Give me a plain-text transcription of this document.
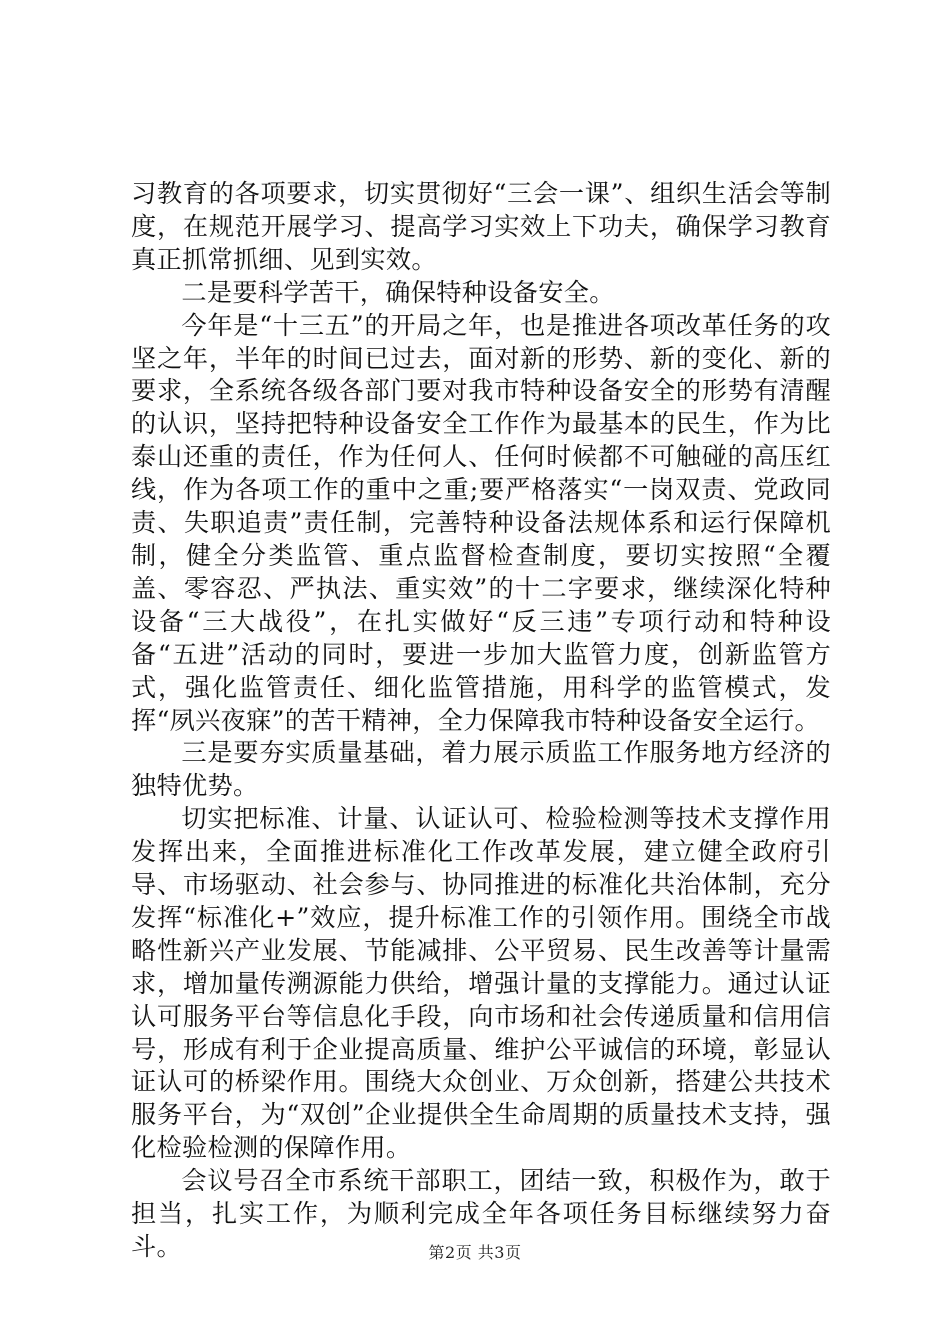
习教育的各项要求，切实贯彻好“三会一课”、组织生活会等制度，在规范开展学习、提高学习实效上下功夫，确保学习教育真正抓常抓细、见到实效。

二是要科学苦干，确保特种设备安全。

今年是“十三五”的开局之年，也是推进各项改革任务的攻坚之年，半年的时间已过去，面对新的形势、新的变化、新的要求，全系统各级各部门要对我市特种设备安全的形势有清醒的认识，坚持把特种设备安全工作作为最基本的民生，作为比泰山还重的责任，作为任何人、任何时候都不可触碰的高压红线，作为各项工作的重中之重;要严格落实“一岗双责、党政同责、失职追责”责任制，完善特种设备法规体系和运行保障机制，健全分类监管、重点监督检查制度，要切实按照“全覆盖、零容忍、严执法、重实效”的十二字要求，继续深化特种设备“三大战役”，在扎实做好“反三违”专项行动和特种设备“五进”活动的同时，要进一步加大监管力度，创新监管方式，强化监管责任、细化监管措施，用科学的监管模式，发挥“夙兴夜寐”的苦干精神，全力保障我市特种设备安全运行。

三是要夯实质量基础，着力展示质监工作服务地方经济的独特优势。

切实把标准、计量、认证认可、检验检测等技术支撑作用发挥出来，全面推进标准化工作改革发展，建立健全政府引导、市场驱动、社会参与、协同推进的标准化共治体制，充分发挥“标准化+”效应，提升标准工作的引领作用。围绕全市战略性新兴产业发展、节能减排、公平贸易、民生改善等计量需求，增加量传溯源能力供给，增强计量的支撑能力。通过认证认可服务平台等信息化手段，向市场和社会传递质量和信用信号，形成有利于企业提高质量、维护公平诚信的环境，彰显认证认可的桥梁作用。围绕大众创业、万众创新，搭建公共技术服务平台，为“双创”企业提供全生命周期的质量技术支持，强化检验检测的保障作用。

会议号召全市系统干部职工，团结一致，积极作为，敢于担当，扎实工作，为顺利完成全年各项任务目标继续努力奋斗。	第2页 共3页
